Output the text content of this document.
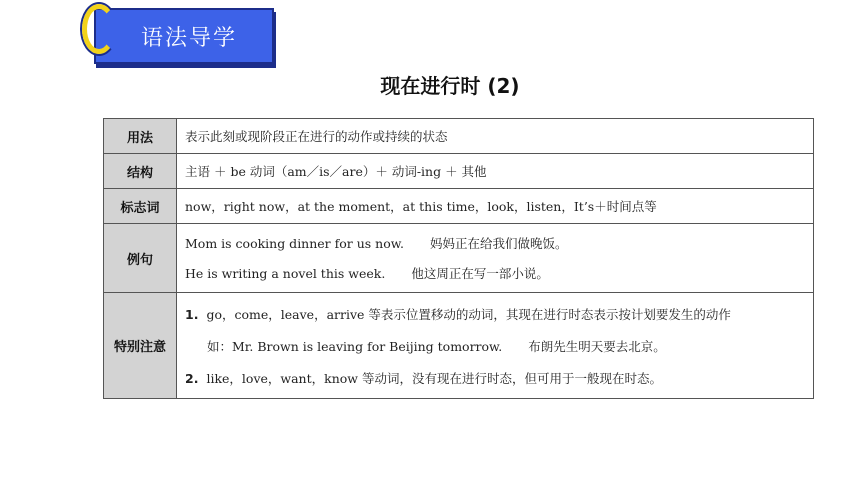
语法导学
现在进行时 (2)
用法	表示此刻或现阶段正在进行的动作或持续的状态
结构	主语 ＋ be 动词（am／is／are）＋ 动词-ing ＋ 其他
标志词	now，right now，at the moment，at this time，look，listen，It’s＋时间点等
例句	Mom is cooking dinner for us now. 妈妈正在给我们做晚饭。
He is writing a novel this week. 他这周正在写一部小说。

特别注意	1. go，come，leave，arrive 等表示位置移动的动词，其现在进行时态表示按计划要发生的动作
如：Mr. Brown is leaving for Beijing tomorrow. 布朗先生明天要去北京。
2. like，love，want，know 等动词，没有现在进行时态，但可用于一般现在时态。
